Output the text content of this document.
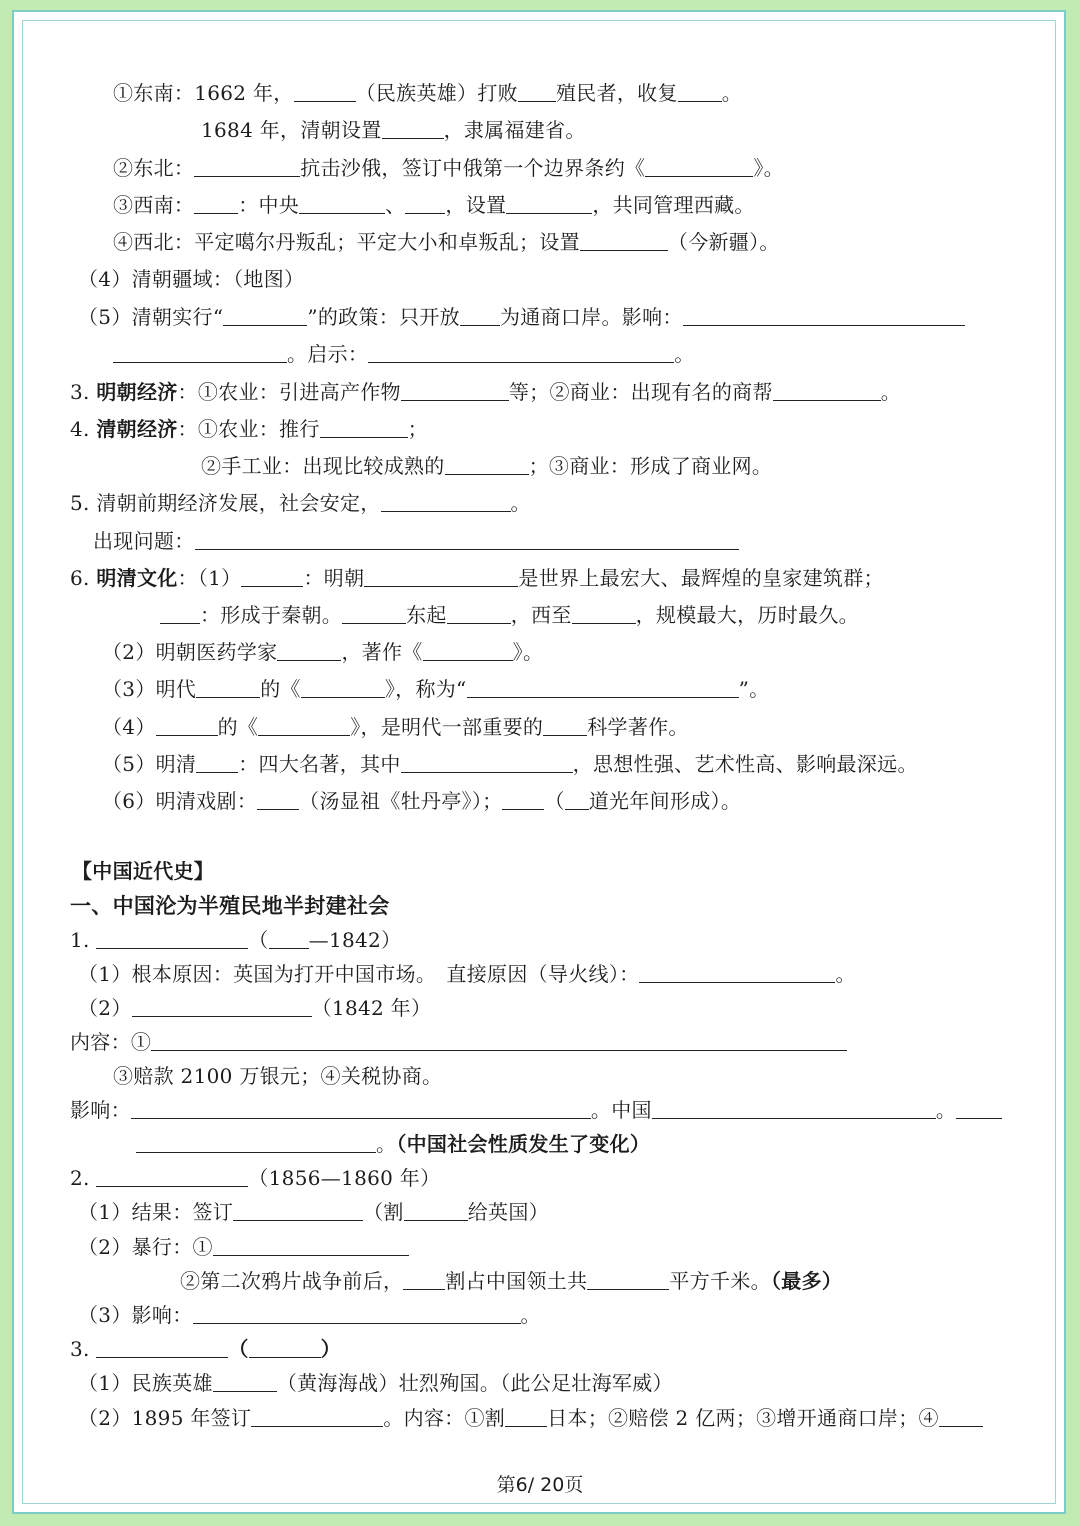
①东南：1662 年，	（民族英雄）打败 殖民者，收复 。
1684 年，清朝设置	，隶属福建省。
②东北：	抗击沙俄，签订中俄第一个边界条约《	》。
③西南： ：中央	、 ，设置	，共同管理西藏。
④西北：平定噶尔丹叛乱；平定大小和卓叛乱；设置	（今新疆）。
（4）清朝疆域：（地图）
（5）清朝实行“	”的政策：只开放 为通商口岸。影响：
。启示：	。
3. 明朝经济：①农业：引进高产作物	等；②商业：出现有名的商帮	。
4. 清朝经济：①农业：推行	；
②手工业：出现比较成熟的	；③商业：形成了商业网。
5. 清朝前期经济发展，社会安定，	。
出现问题：
6. 明清文化：（1）	：明朝	是世界上最宏大、最辉煌的皇家建筑群；
：形成于秦朝。	东起	，西至	，规模最大，历时最久。
（2）明朝医药学家	，著作《	》。
（3）明代	的《	》，称为“	”。
（4）	的《	》，是明代一部重要的 科学著作。
（5）明清 ：四大名著，其中	，思想性强、艺术性高、影响最深远。
（6）明清戏剧： （汤显祖《牡丹亭》）； （ 道光年间形成）。
【中国近代史】
一、中国沦为半殖民地半封建社会
1.	（ —1842）
（1）根本原因：英国为打开中国市场。　直接原因（导火线）：	。
（2）	（1842 年）
内容：①
③赔款 2100 万银元；④关税协商。
影响：	。中国	。
。（中国社会性质发生了变化）
2.	（1856—1860 年）
（1）结果：签订	（割	给英国）
（2）暴行：①
②第二次鸦片战争前后， 割占中国领土共	平方千米。（最多）
（3）影响：	。
3.	（	）
（1）民族英雄	（黄海海战）壮烈殉国。（此公足壮海军威）
（2）1895 年签订	。内容：①割 日本；②赔偿 2 亿两；③增开通商口岸；④
第6/ 20页
